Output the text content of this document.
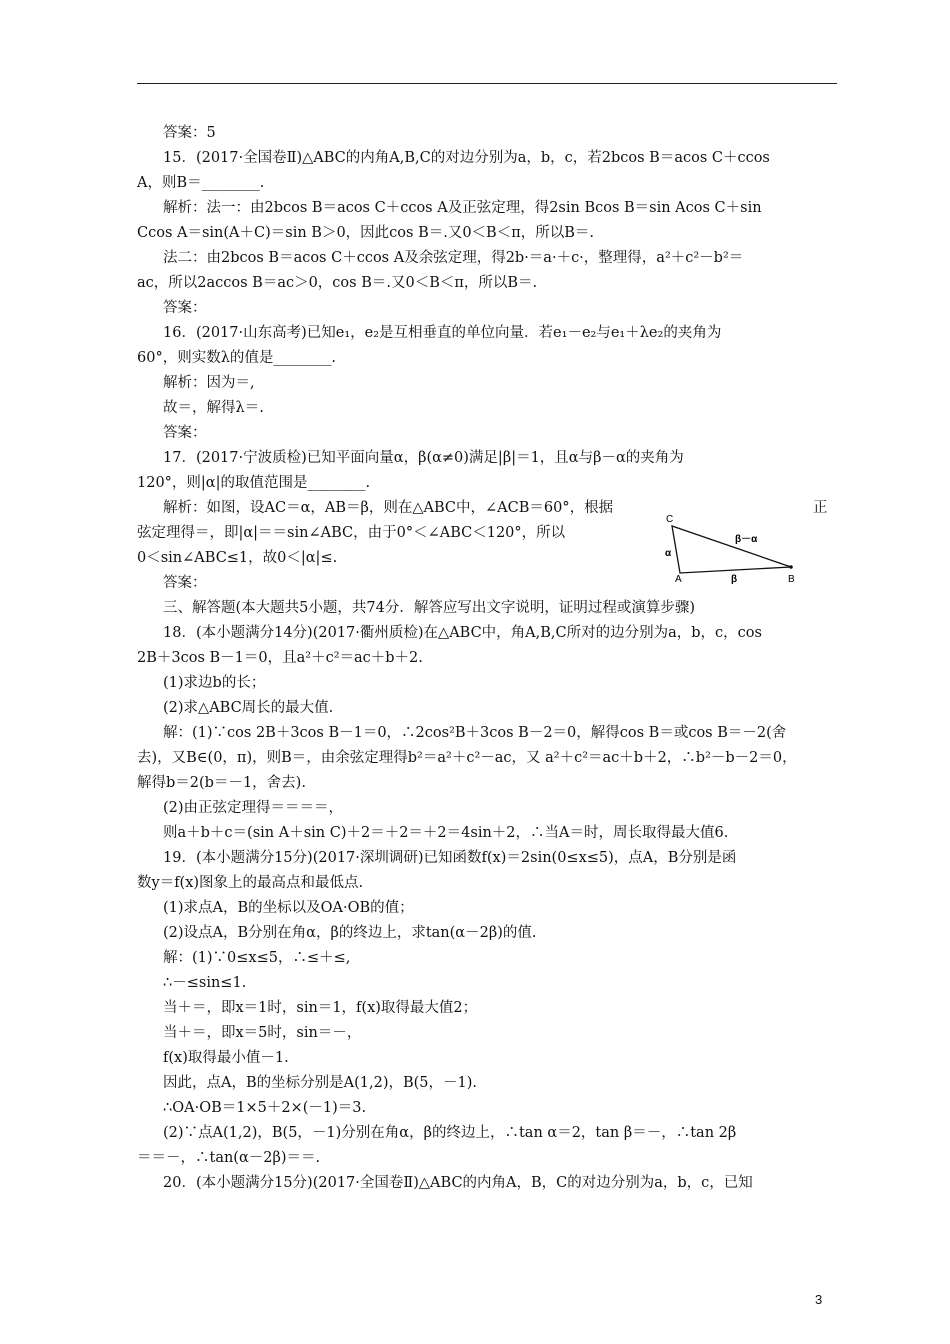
答案：5
15．(2017·全国卷Ⅱ)△ABC的内角A,B,C的对边分别为a，b，c，若2bcos B＝acos C＋ccos
A，则B＝________.
解析：法一：由2bcos B＝acos C＋ccos A及正弦定理，得2sin Bcos B＝sin Acos C＋sin
Ccos A＝sin(A＋C)＝sin B＞0，因此cos B＝.又0＜B＜π，所以B＝.
法二：由2bcos B＝acos C＋ccos A及余弦定理，得2b·＝a·＋c·，整理得，a²＋c²－b²＝
ac，所以2accos B＝ac＞0，cos B＝.又0＜B＜π，所以B＝.
答案：
16．(2017·山东高考)已知e₁，e₂是互相垂直的单位向量．若e₁－e₂与e₁＋λe₂的夹角为
60°，则实数λ的值是________.
解析：因为＝,
故＝，解得λ＝.
答案：
17．(2017·宁波质检)已知平面向量α，β(α≠0)满足|β|＝1，且α与β－α的夹角为
120°，则|α|的取值范围是________.
解析：如图，设AC＝α，AB＝β，则在△ABC中，∠ACB＝60°，根据	正
弦定理得＝，即|α|＝＝sin∠ABC，由于0°＜∠ABC＜120°，所以
0＜sin∠ABC≤1，故0＜|α|≤.
答案：
三、解答题(本大题共5小题，共74分．解答应写出文字说明，证明过程或演算步骤)
18．(本小题满分14分)(2017·衢州质检)在△ABC中，角A,B,C所对的边分别为a，b，c，cos
2B＋3cos B－1＝0，且a²＋c²＝ac＋b＋2.
(1)求边b的长；
(2)求△ABC周长的最大值.
解：(1)∵cos 2B＋3cos B－1＝0，∴2cos²B＋3cos B－2＝0，解得cos B＝或cos B＝－2(舍
去)，又B∈(0，π)，则B＝，由余弦定理得b²＝a²＋c²－ac，又 a²＋c²＝ac＋b＋2，∴b²－b－2＝0，
解得b＝2(b＝－1，舍去).
(2)由正弦定理得＝＝＝＝，
则a＋b＋c＝(sin A＋sin C)＋2＝＋2＝＋2＝4sin＋2，∴当A＝时，周长取得最大值6.
19．(本小题满分15分)(2017·深圳调研)已知函数f(x)＝2sin(0≤x≤5)，点A，B分别是函
数y＝f(x)图象上的最高点和最低点.
(1)求点A，B的坐标以及OA·OB的值；
(2)设点A，B分别在角α，β的终边上，求tan(α－2β)的值.
解：(1)∵0≤x≤5，∴≤＋≤,
∴－≤sin≤1.
当＋＝，即x＝1时，sin＝1，f(x)取得最大值2；
当＋＝，即x＝5时，sin＝－，
f(x)取得最小值－1.
因此，点A，B的坐标分别是A(1,2)，B(5，－1).
∴OA·OB＝1×5＋2×(－1)＝3.
(2)∵点A(1,2)，B(5，－1)分别在角α，β的终边上，∴tan α＝2，tan β＝－，∴tan 2β
＝＝－，∴tan(α－2β)＝＝.
20．(本小题满分15分)(2017·全国卷Ⅱ)△ABC的内角A，B，C的对边分别为a，b，c，已知
C
A	B
α
β
β－α
3
